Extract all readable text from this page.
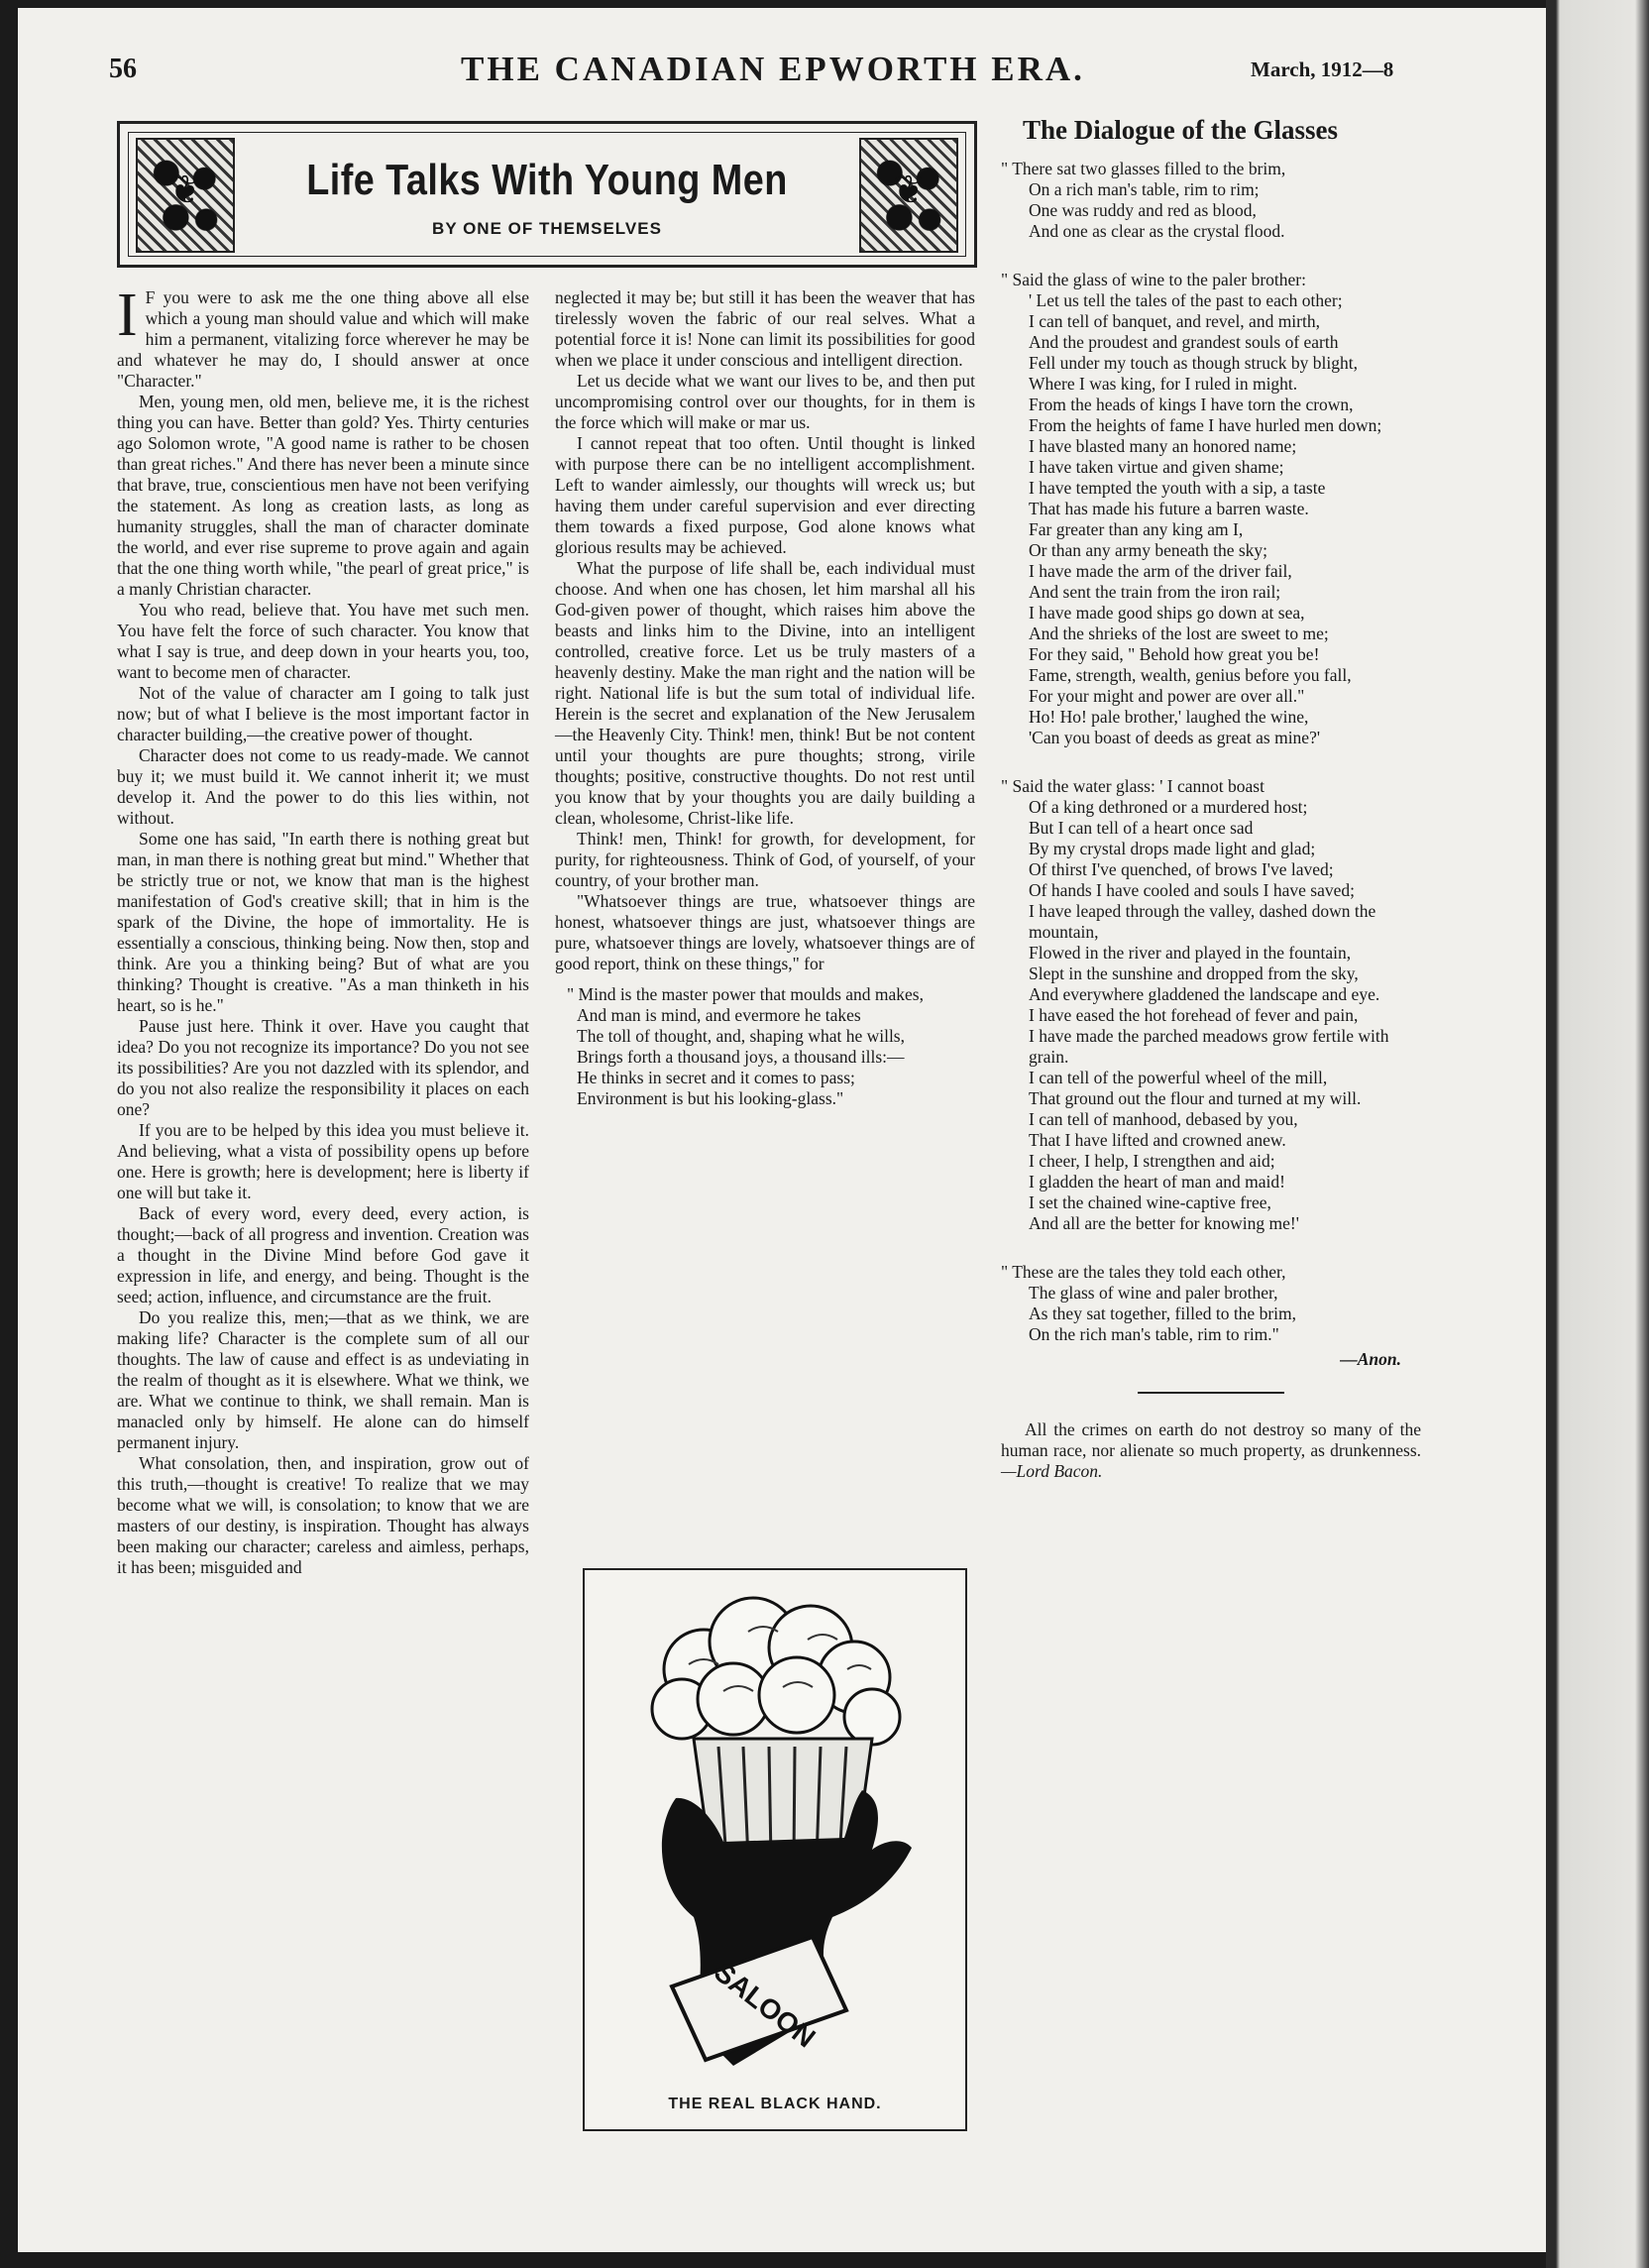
56	THE CANADIAN EPWORTH ERA.	March, 1912—8
❦	❦
Life Talks With Young Men
BY ONE OF THEMSELVES

I F you were to ask me the one thing above all else which a young man should value and which will make him a permanent, vitalizing force wherever he may be and whatever he may do, I should answer at once "Character."

Men, young men, old men, believe me, it is the richest thing you can have. Better than gold? Yes. Thirty centuries ago Solomon wrote, "A good name is rather to be chosen than great riches." And there has never been a minute since that brave, true, conscientious men have not been verifying the statement. As long as creation lasts, as long as humanity struggles, shall the man of character dominate the world, and ever rise supreme to prove again and again that the one thing worth while, "the pearl of great price," is a manly Christian character.

You who read, believe that. You have met such men. You have felt the force of such character. You know that what I say is true, and deep down in your hearts you, too, want to become men of character.

Not of the value of character am I going to talk just now; but of what I believe is the most important factor in character building,—the creative power of thought.

Character does not come to us ready-made. We cannot buy it; we must build it. We cannot inherit it; we must develop it. And the power to do this lies within, not without.

Some one has said, "In earth there is nothing great but man, in man there is nothing great but mind." Whether that be strictly true or not, we know that man is the highest manifestation of God's creative skill; that in him is the spark of the Divine, the hope of immortality. He is essentially a conscious, thinking being. Now then, stop and think. Are you a thinking being? But of what are you thinking? Thought is creative. "As a man thinketh in his heart, so is he."

Pause just here. Think it over. Have you caught that idea? Do you not recognize its importance? Do you not see its possibilities? Are you not dazzled with its splendor, and do you not also realize the responsibility it places on each one?

If you are to be helped by this idea you must believe it. And believing, what a vista of possibility opens up before one. Here is growth; here is development; here is liberty if one will but take it.

Back of every word, every deed, every action, is thought;—back of all progress and invention. Creation was a thought in the Divine Mind before God gave it expression in life, and energy, and being. Thought is the seed; action, influence, and circumstance are the fruit.

Do you realize this, men;—that as we think, we are making life? Character is the complete sum of all our thoughts. The law of cause and effect is as undeviating in the realm of thought as it is elsewhere. What we think, we are. What we continue to think, we shall remain. Man is manacled only by himself. He alone can do himself permanent injury.

What consolation, then, and inspiration, grow out of this truth,—thought is creative! To realize that we may become what we will, is consolation; to know that we are masters of our destiny, is inspiration. Thought has always been making our character; careless and aimless, perhaps, it has been; misguided and

neglected it may be; but still it has been the weaver that has tirelessly woven the fabric of our real selves. What a potential force it is! None can limit its possibilities for good when we place it under conscious and intelligent direction.

Let us decide what we want our lives to be, and then put uncompromising control over our thoughts, for in them is the force which will make or mar us.

I cannot repeat that too often. Until thought is linked with purpose there can be no intelligent accomplishment. Left to wander aimlessly, our thoughts will wreck us; but having them under careful supervision and ever directing them towards a fixed purpose, God alone knows what glorious results may be achieved.

What the purpose of life shall be, each individual must choose. And when one has chosen, let him marshal all his God-given power of thought, which raises him above the beasts and links him to the Divine, into an intelligent controlled, creative force. Let us be truly masters of a heavenly destiny. Make the man right and the nation will be right. National life is but the sum total of individual life. Herein is the secret and explanation of the New Jerusalem—the Heavenly City. Think! men, think! But be not content until your thoughts are pure thoughts; strong, virile thoughts; positive, constructive thoughts. Do not rest until you know that by your thoughts you are daily building a clean, wholesome, Christ-like life.

Think! men, Think! for growth, for development, for purity, for righteousness. Think of God, of yourself, of your country, of your brother man.

"Whatsoever things are true, whatsoever things are honest, whatsoever things are just, whatsoever things are pure, whatsoever things are lovely, whatsoever things are of good report, think on these things," for

" Mind is the master power that moulds and makes,
And man is mind, and evermore he takes
The toll of thought, and, shaping what he wills,
Brings forth a thousand joys, a thousand ills:—
He thinks in secret and it comes to pass;
Environment is but his looking-glass."
SALOON
THE REAL BLACK HAND.
The Dialogue of the Glasses
" There sat two glasses filled to the brim,
On a rich man's table, rim to rim;
One was ruddy and red as blood,
And one as clear as the crystal flood.
" Said the glass of wine to the paler brother:
' Let us tell the tales of the past to each other;
I can tell of banquet, and revel, and mirth,
And the proudest and grandest souls of earth
Fell under my touch as though struck by blight,
Where I was king, for I ruled in might.
From the heads of kings I have torn the crown,
From the heights of fame I have hurled men down;
I have blasted many an honored name;
I have taken virtue and given shame;
I have tempted the youth with a sip, a taste
That has made his future a barren waste.
Far greater than any king am I,
Or than any army beneath the sky;
I have made the arm of the driver fail,
And sent the train from the iron rail;
I have made good ships go down at sea,
And the shrieks of the lost are sweet to me;
For they said, " Behold how great you be!
Fame, strength, wealth, genius before you fall,
For your might and power are over all."
Ho! Ho! pale brother,' laughed the wine,
'Can you boast of deeds as great as mine?'
" Said the water glass: ' I cannot boast
Of a king dethroned or a murdered host;
But I can tell of a heart once sad
By my crystal drops made light and glad;
Of thirst I've quenched, of brows I've laved;
Of hands I have cooled and souls I have saved;
I have leaped through the valley, dashed down the mountain,
Flowed in the river and played in the fountain,
Slept in the sunshine and dropped from the sky,
And everywhere gladdened the landscape and eye.
I have eased the hot forehead of fever and pain,
I have made the parched meadows grow fertile with grain.
I can tell of the powerful wheel of the mill,
That ground out the flour and turned at my will.
I can tell of manhood, debased by you,
That I have lifted and crowned anew.
I cheer, I help, I strengthen and aid;
I gladden the heart of man and maid!
I set the chained wine-captive free,
And all are the better for knowing me!'
" These are the tales they told each other,
The glass of wine and paler brother,
As they sat together, filled to the brim,
On the rich man's table, rim to rim."
—Anon.
All the crimes on earth do not destroy so many of the human race, nor alienate so much property, as drunkenness.—Lord Bacon.
